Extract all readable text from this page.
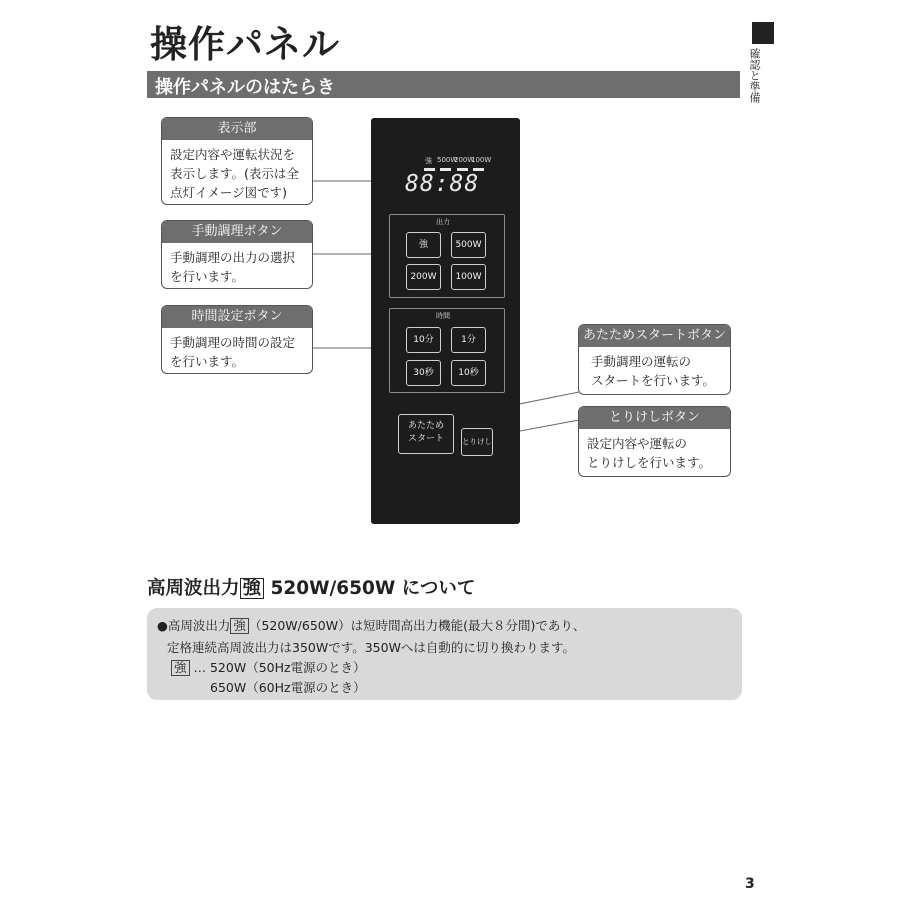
操作パネル
操作パネルのはたらき	確認と準備
表示部
設定内容や運転状況を
表示します。(表示は全
点灯イメージ図です)
手動調理ボタン
手動調理の出力の選択
を行います。
時間設定ボタン
手動調理の時間の設定
を行います。
あたためスタートボタン
手動調理の運転の
スタートを行います。
とりけしボタン
設定内容や運転の
とりけしを行います。
強 500W
200W
100W
88:88
出力
強	500W
200W	100W
時間
10分	1分
30秒	10秒
あたため
スタート	とりけし
高周波出力 強 520W/650W について
●高周波出力 強 （520W/650W）は短時間高出力機能(最大８分間)であり、
定格連続高周波出力は350Wです。350Wへは自動的に切り換わります。
強 … 520W（50Hz電源のとき）
650W（60Hz電源のとき）
3
